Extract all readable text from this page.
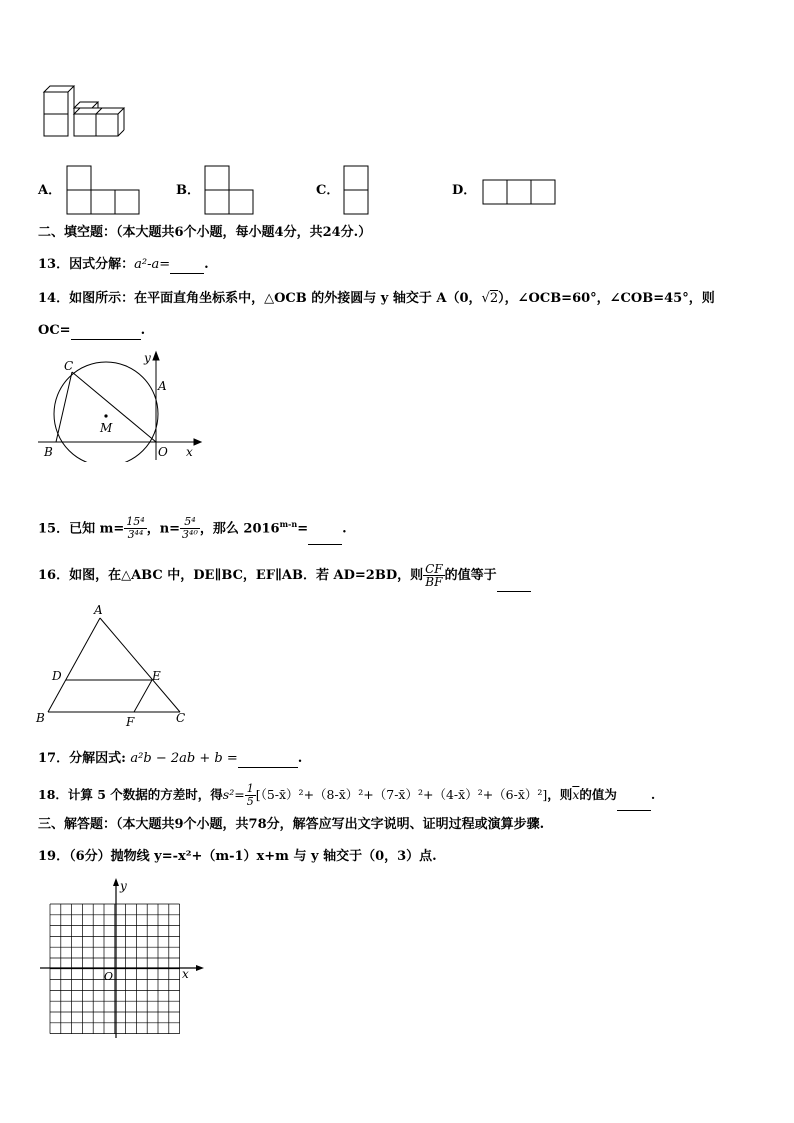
A．	B．	C．	D．
二、填空题：（本大题共6个小题，每小题4分，共24分.）
13．因式分解：a²-a=	.
14．如图所示：在平面直角坐标系中，△OCB 的外接圆与 y 轴交于 A（0，√2），∠OCB=60°，∠COB=45°，则
OC=	.
C
y
A
M
B	O x
15．已知 $m= \frac{\text{15⁴}}{\text{3⁴⁴}}$ ，$n= \frac{\text{5⁴}}{\text{3⁴⁰}}$ ，那么 $2016^{m-n}=$	.
16．如图，在△ABC 中，DE∥BC，EF∥AB．若 AD=2BD，则 $\frac{CF}{BF}$ 的值等于
A
D	E
B	F	C
17．分解因式: a²b − 2ab + b =	.
18．计算 5 个数据的方差时，得$s^2= \frac{1}{5}$ [（5-x̄）²+（8-x̄）²+（7-x̄）²+（4-x̄）²+（6-x̄）²]，则$\overline{x}$的值为	.
三、解答题：（本大题共9个小题，共78分，解答应写出文字说明、证明过程或演算步骤.
19．（6分）抛物线 y=-x²+（m-1）x+m 与 y 轴交于（0，3）点.
y
x
O
